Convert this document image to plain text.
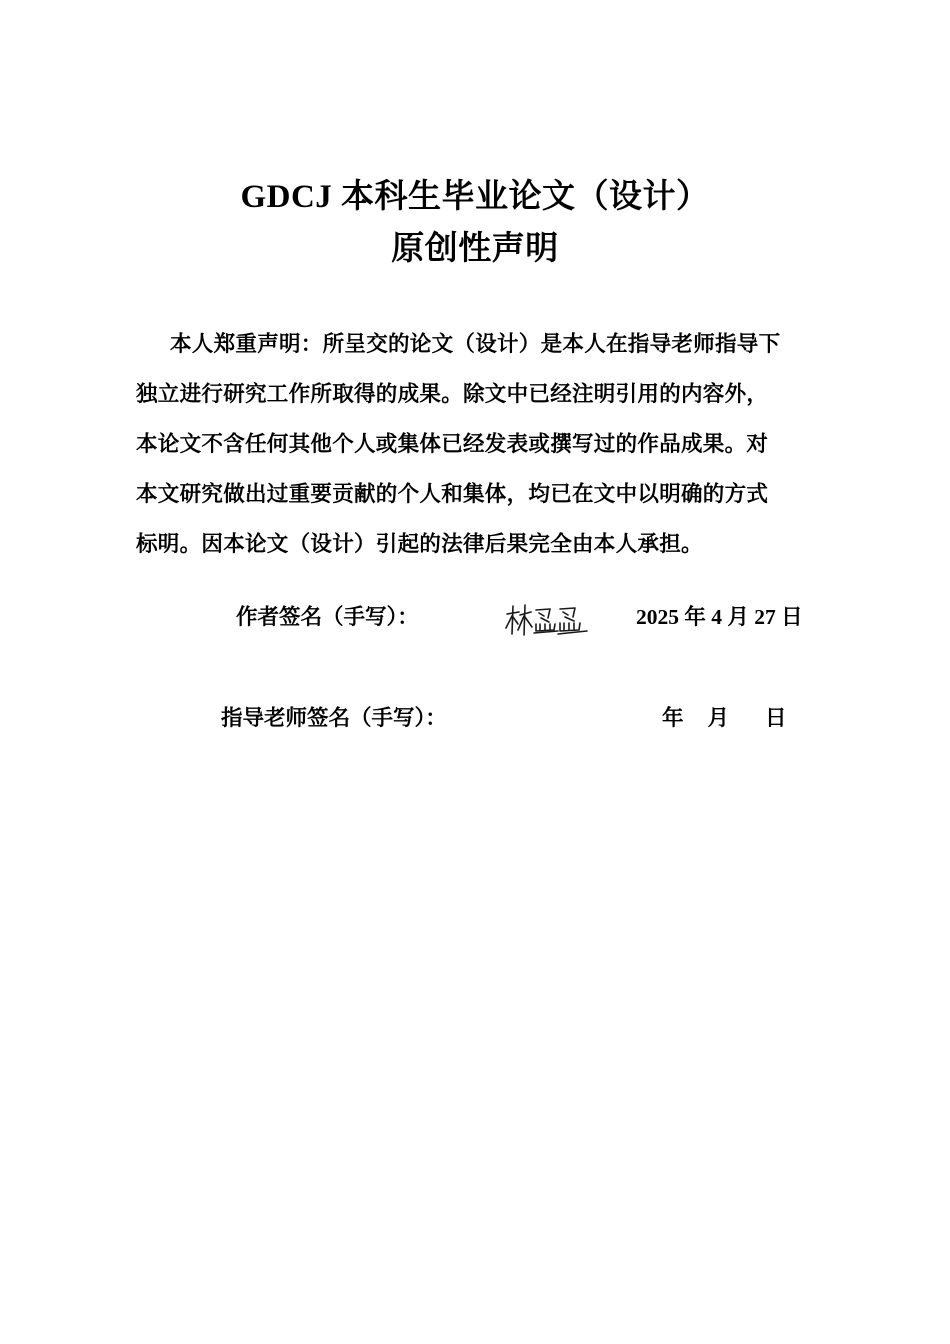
GDCJ 本科生毕业论文（设计）
原创性声明
本人郑重声明：所呈交的论文（设计）是本人在指导老师指导下
独立进行研究工作所取得的成果。除文中已经注明引用的内容外，
本论文不含任何其他个人或集体已经发表或撰写过的作品成果。对
本文研究做出过重要贡献的个人和集体，均已在文中以明确的方式
标明。因本论文（设计）引起的法律后果完全由本人承担。
作者签名（手写）：	2025 年 4 月 27 日
指导老师签名（手写）：	年 月 日
